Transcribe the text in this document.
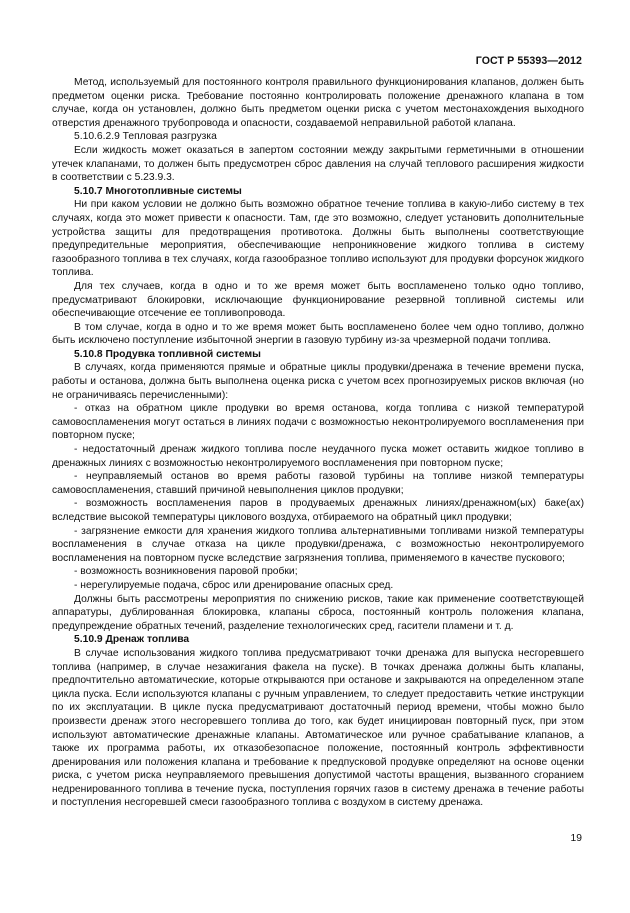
ГОСТ Р 55393—2012

Метод, используемый для постоянного контроля правильного функционирования клапанов, должен быть предметом оценки риска. Требование постоянно контролировать положение дренажного клапана в том случае, когда он установлен, должно быть предметом оценки риска с учетом местонахождения выходного отверстия дренажного трубопровода и опасности, создаваемой неправильной работой клапана.

5.10.6.2.9 Тепловая разгрузка

Если жидкость может оказаться в запертом состоянии между закрытыми герметичными в отношении утечек клапанами, то должен быть предусмотрен сброс давления на случай теплового расширения жидкости в соответствии с 5.23.9.3.

5.10.7 Многотопливные системы

Ни при каком условии не должно быть возможно обратное течение топлива в какую-либо систему в тех случаях, когда это может привести к опасности. Там, где это возможно, следует установить дополнительные устройства защиты для предотвращения противотока. Должны быть выполнены соответствующие предупредительные мероприятия, обеспечивающие непроникновение жидкого топлива в систему газообразного топлива в тех случаях, когда газообразное топливо используют для продувки форсунок жидкого топлива.

Для тех случаев, когда в одно и то же время может быть воспламенено только одно топливо, предусматривают блокировки, исключающие функционирование резервной топливной системы или обеспечивающие отсечение ее топливопровода.

В том случае, когда в одно и то же время может быть воспламенено более чем одно топливо, должно быть исключено поступление избыточной энергии в газовую турбину из-за чрезмерной подачи топлива.

5.10.8 Продувка топливной системы

В случаях, когда применяются прямые и обратные циклы продувки/дренажа в течение времени пуска, работы и останова, должна быть выполнена оценка риска с учетом всех прогнозируемых рисков включая (но не ограничиваясь перечисленными):

- отказ на обратном цикле продувки во время останова, когда топлива с низкой температурой самовоспламенения могут остаться в линиях подачи с возможностью неконтролируемого воспламенения при повторном пуске;

- недостаточный дренаж жидкого топлива после неудачного пуска может оставить жидкое топливо в дренажных линиях с возможностью неконтролируемого воспламенения при повторном пуске;

- неуправляемый останов во время работы газовой турбины на топливе низкой температуры самовоспламенения, ставший причиной невыполнения циклов продувки;

- возможность воспламенения паров в продуваемых дренажных линиях/дренажном(ых) баке(ах) вследствие высокой температуры циклового воздуха, отбираемого на обратный цикл продувки;

- загрязнение емкости для хранения жидкого топлива альтернативными топливами низкой температуры воспламенения в случае отказа на цикле продувки/дренажа, с возможностью неконтролируемого воспламенения на повторном пуске вследствие загрязнения топлива, применяемого в качестве пускового;

- возможность возникновения паровой пробки;

- нерегулируемые подача, сброс или дренирование опасных сред.

Должны быть рассмотрены мероприятия по снижению рисков, такие как применение соответствующей аппаратуры, дублированная блокировка, клапаны сброса, постоянный контроль положения клапана, предупреждение обратных течений, разделение технологических сред, гасители пламени и т. д.

5.10.9 Дренаж топлива

В случае использования жидкого топлива предусматривают точки дренажа для выпуска несгоревшего топлива (например, в случае незажигания факела на пуске). В точках дренажа должны быть клапаны, предпочтительно автоматические, которые открываются при останове и закрываются на определенном этапе цикла пуска. Если используются клапаны с ручным управлением, то следует предоставить четкие инструкции по их эксплуатации. В цикле пуска предусматривают достаточный период времени, чтобы можно было произвести дренаж этого несгоревшего топлива до того, как будет инициирован повторный пуск, при этом используют автоматические дренажные клапаны. Автоматическое или ручное срабатывание клапанов, а также их программа работы, их отказобезопасное положение, постоянный контроль эффективности дренирования или положения клапана и требование к предпусковой продувке определяют на основе оценки риска, с учетом риска неуправляемого превышения допустимой частоты вращения, вызванного сгоранием недренированного топлива в течение пуска, поступления горячих газов в систему дренажа в течение работы и поступления несгоревшей смеси газообразного топлива с воздухом в систему дренажа.

19
